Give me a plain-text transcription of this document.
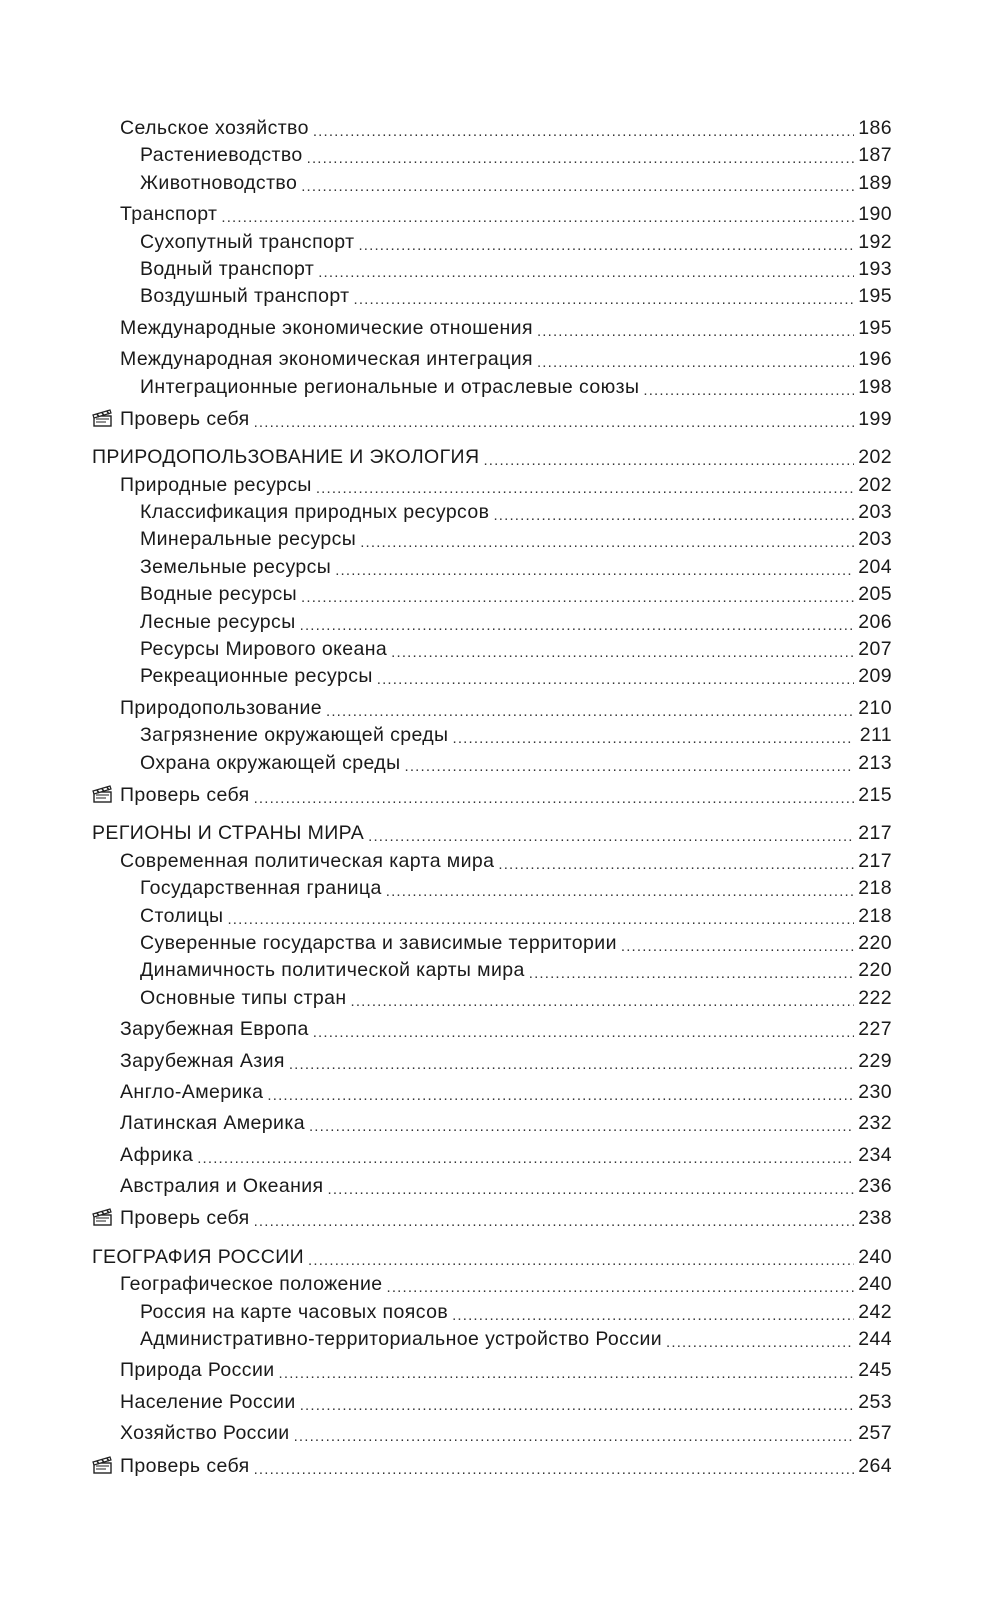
Сельское хозяйство . . .	186
Растениеводство . . .	187
Животноводство . . .	189
Транспорт . . .	190
Сухопутный транспорт . . .	192
Водный транспорт . . .	193
Воздушный транспорт . . .	195
Международные экономические отношения . . .	195
Международная экономическая интеграция . . .	196
Интеграционные региональные и отраслевые союзы . . .	198
Проверь себя . . .	199
ПРИРОДОПОЛЬЗОВАНИЕ И ЭКОЛОГИЯ . . .	202
Природные ресурсы . . .	202
Классификация природных ресурсов . . .	203
Минеральные ресурсы . . .	203
Земельные ресурсы . . .	204
Водные ресурсы . . .	205
Лесные ресурсы . . .	206
Ресурсы Мирового океана . . .	207
Рекреационные ресурсы . . .	209
Природопользование . . .	210
Загрязнение окружающей среды . . .	211
Охрана окружающей среды . . .	213
Проверь себя . . .	215
РЕГИОНЫ И СТРАНЫ МИРА . . .	217
Современная политическая карта мира . . .	217
Государственная граница . . .	218
Столицы . . .	218
Суверенные государства и зависимые территории . . .	220
Динамичность политической карты мира . . .	220
Основные типы стран . . .	222
Зарубежная Европа . . .	227
Зарубежная Азия . . .	229
Англо-Америка . . .	230
Латинская Америка . . .	232
Африка . . .	234
Австралия и Океания . . .	236
Проверь себя . . .	238
ГЕОГРАФИЯ РОССИИ . . .	240
Географическое положение . . .	240
Россия на карте часовых поясов . . .	242
Административно-территориальное устройство России . . .	244
Природа России . . .	245
Население России . . .	253
Хозяйство России . . .	257
Проверь себя . . .	264
